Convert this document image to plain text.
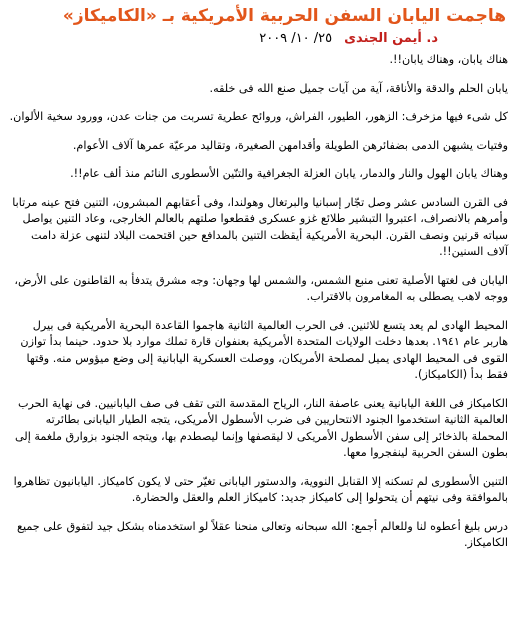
هاجمت اليابان السفن الحربية الأمريكية بـ «الكاميكاز»
د. أيمن الجندى٢٥/ ١٠/ ٢٠٠٩

هناك يابان، وهناك يابان!!.

يابان الحلم والدقة والأناقة، آية من آيات جميل صنع الله فى خلقه.

كل شىء فيها مزخرف: الزهور، الطيور، الفراش، وروائح عطرية تسربت من جنات عدن، وورود سخية الألوان.

وفتيات يشبهن الدمى بضفائرهن الطويلة وأقدامهن الصغيرة، وتقاليد مرعيّة عمرها آلاف الأعوام.

وهناك يابان الهول والنار والدمار، يابان العزلة الجغرافية والتنّين الأسطورى النائم منذ ألف عام!!.

فى القرن السادس عشر وصل تجّار إسبانيا والبرتغال وهولندا، وفى أعقابهم المبشرون، التنين فتح عينه مرتابا وأمرهم بالانصراف، اعتبروا التبشير طلائع غزو عسكرى فقطعوا صلتهم بالعالم الخارجى، وعاد التنين يواصل سباته قرنين ونصف القرن. البحرية الأمريكية أيقظت التنين بالمدافع حين اقتحمت البلاد لتنهى عزلة دامت آلاف السنين!!.

اليابان فى لغتها الأصلية تعنى منبع الشمس، والشمس لها وجهان: وجه مشرق يتدفأ به القاطنون على الأرض، ووجه لاهب يصطلى به المغامرون بالاقتراب.

المحيط الهادى لم يعد يتسع للاثنين. فى الحرب العالمية الثانية هاجموا القاعدة البحرية الأمريكية فى بيرل هاربر عام ١٩٤١. بعدها دخلت الولايات المتحدة الأمريكية بعنفوان قارة تملك موارد بلا حدود. حينما بدأ توازن القوى فى المحيط الهادى يميل لمصلحة الأمريكان، ووصلت العسكرية اليابانية إلى وضع ميؤوس منه. وقتها فقط بدأ (الكاميكاز).

الكاميكاز فى اللغة اليابانية يعنى عاصفة النار، الرياح المقدسة التى تقف فى صف اليابانيين. فى نهاية الحرب العالمية الثانية استخدموا الجنود الانتحاريين فى ضرب الأسطول الأمريكى، يتجه الطيار اليابانى بطائرته المحملة بالذخائر إلى سفن الأسطول الأمريكى لا ليقصفها وإنما ليصطدم بها، ويتجه الجنود بزوارق ملغمة إلى بطون السفن الحربية لينفجروا معها.

التنين الأسطورى لم تسكنه إلا القنابل النووية، والدستور اليابانى تغيّر حتى لا يكون كاميكاز. اليابانيون تظاهروا بالموافقة وفى نيتهم أن يتحولوا إلى كاميكاز جديد: كاميكاز العلم والعقل والحضارة.

درس بليغ أعطوه لنا وللعالم أجمع: الله سبحانه وتعالى منحنا عقلاً لو استخدمناه بشكل جيد لتفوق على جميع الكاميكاز.
